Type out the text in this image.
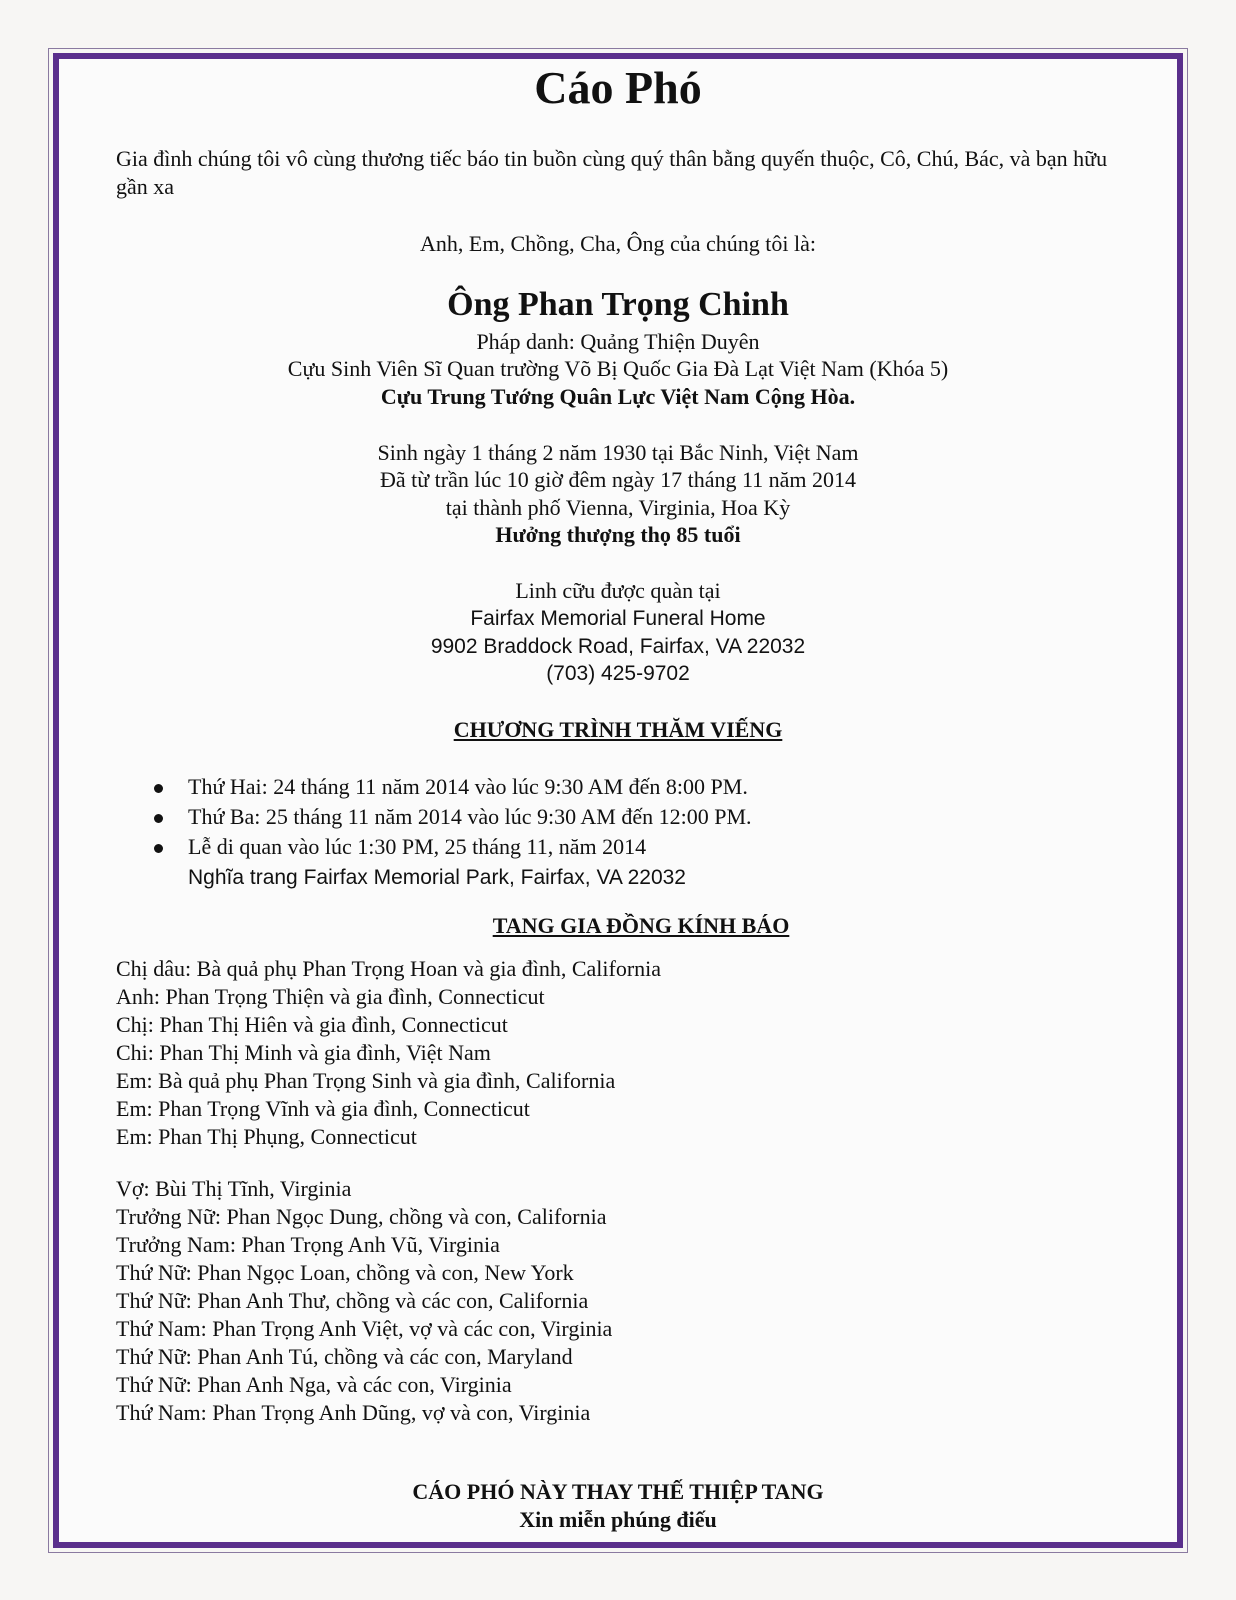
Cáo Phó
Gia đình chúng tôi vô cùng thương tiếc báo tin buồn cùng quý thân bằng quyến thuộc, Cô, Chú, Bác, và bạn hữu gần xa
Anh, Em, Chồng, Cha, Ông của chúng tôi là:
Ông Phan Trọng Chinh
Pháp danh: Quảng Thiện Duyên
Cựu Sinh Viên Sĩ Quan trường Võ Bị Quốc Gia Đà Lạt Việt Nam (Khóa 5)
Cựu Trung Tướng Quân Lực Việt Nam Cộng Hòa.
Sinh ngày 1 tháng 2 năm 1930 tại Bắc Ninh, Việt Nam
Đã từ trần lúc 10 giờ đêm ngày 17 tháng 11 năm 2014
tại thành phố Vienna, Virginia, Hoa Kỳ
Hưởng thượng thọ 85 tuổi
Linh cữu được quàn tại
Fairfax Memorial Funeral Home
9902 Braddock Road, Fairfax, VA 22032
(703) 425-9702
CHƯƠNG TRÌNH THĂM VIẾNG
Thứ Hai: 24 tháng 11 năm 2014 vào lúc 9:30 AM đến 8:00 PM.
Thứ Ba: 25 tháng 11 năm 2014 vào lúc 9:30 AM đến 12:00 PM.
Lễ di quan vào lúc 1:30 PM, 25 tháng 11, năm 2014
Nghĩa trang Fairfax Memorial Park, Fairfax, VA 22032
TANG GIA ĐỒNG KÍNH BÁO
Chị dâu: Bà quả phụ Phan Trọng Hoan và gia đình, California
Anh: Phan Trọng Thiện và gia đình, Connecticut
Chị: Phan Thị Hiên và gia đình, Connecticut
Chi: Phan Thị Minh và gia đình, Việt Nam
Em: Bà quả phụ Phan Trọng Sinh và gia đình, California
Em: Phan Trọng Vĩnh và gia đình, Connecticut
Em: Phan Thị Phụng, Connecticut
Vợ: Bùi Thị Tĩnh, Virginia
Trưởng Nữ: Phan Ngọc Dung, chồng và con, California
Trưởng Nam: Phan Trọng Anh Vũ, Virginia
Thứ Nữ: Phan Ngọc Loan, chồng và con, New York
Thứ Nữ: Phan Anh Thư, chồng và các con, California
Thứ Nam: Phan Trọng Anh Việt, vợ và các con, Virginia
Thứ Nữ: Phan Anh Tú, chồng và các con, Maryland
Thứ Nữ: Phan Anh Nga, và các con, Virginia
Thứ Nam: Phan Trọng Anh Dũng, vợ và con, Virginia
CÁO PHÓ NÀY THAY THẾ THIỆP TANG
Xin miễn phúng điếu
